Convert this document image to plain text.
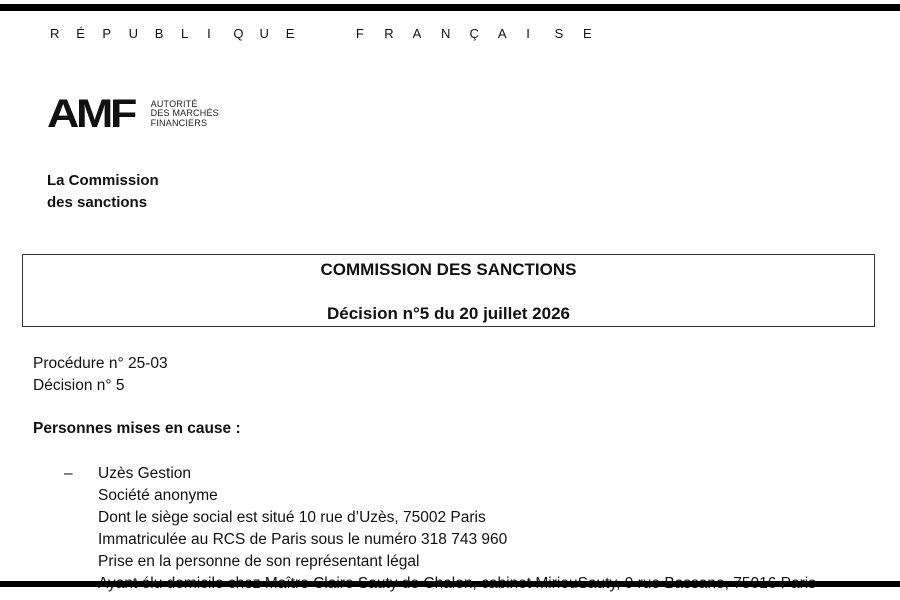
R	É	P	U	B	L	I	Q	U	E	F	R	A	N	Ç	A	I	S	E
AMF AUTORITÉ
DES MARCHÉS
FINANCIERS
La Commission
des sanctions
COMMISSION DES SANCTIONS
Décision n°5 du 20 juillet 2026
Procédure n° 25-03
Décision n° 5
Personnes mises en cause :
– Uzès Gestion
Société anonyme
Dont le siège social est situé 10 rue d’Uzès, 75002 Paris
Immatriculée au RCS de Paris sous le numéro 318 743 960
Prise en la personne de son représentant légal
